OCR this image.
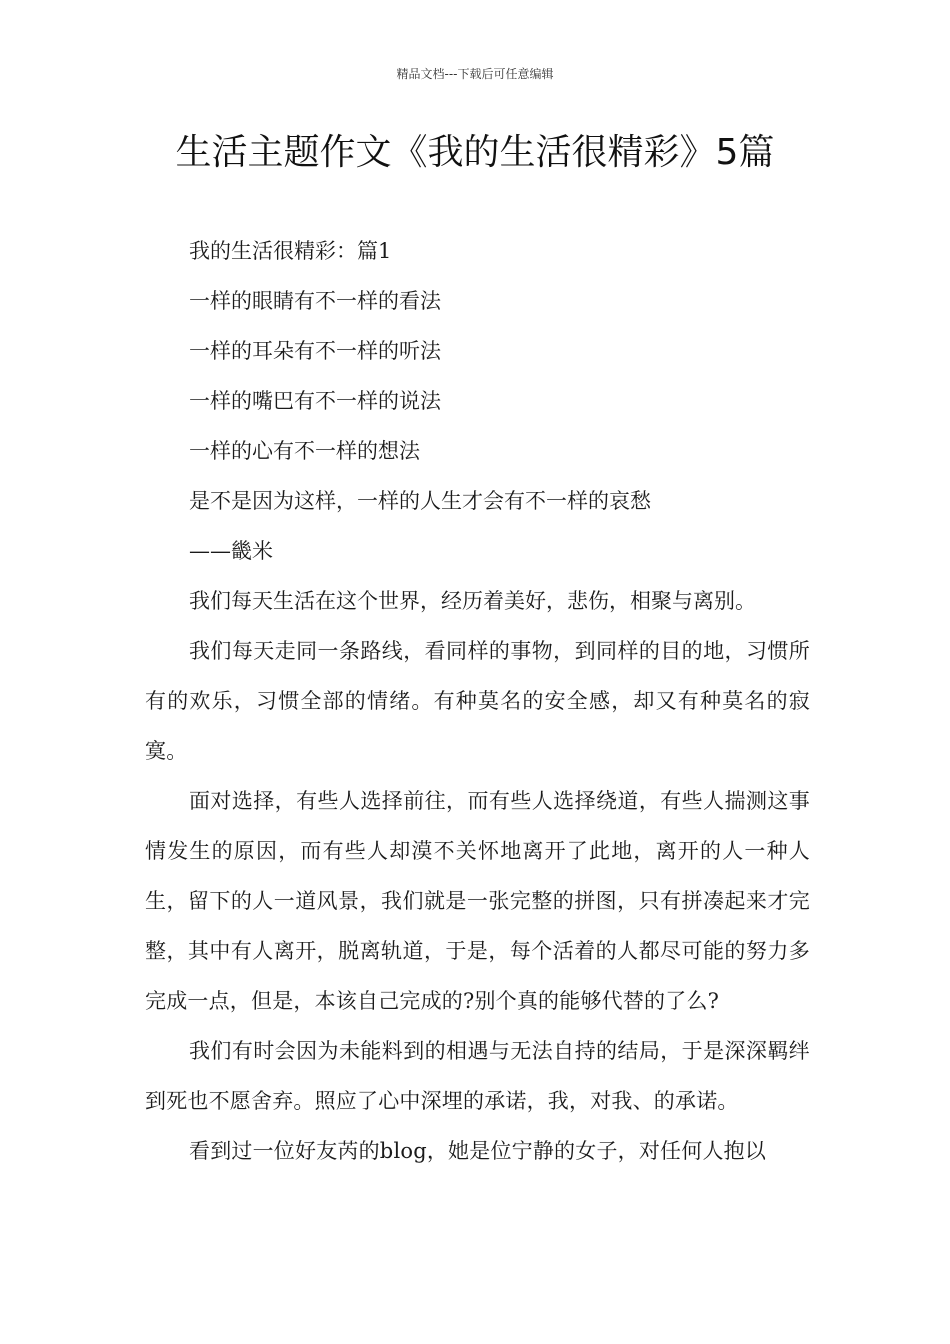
精品文档---下载后可任意编辑
生活主题作文《我的生活很精彩》5篇

我的生活很精彩：篇1

一样的眼睛有不一样的看法

一样的耳朵有不一样的听法

一样的嘴巴有不一样的说法

一样的心有不一样的想法

是不是因为这样，一样的人生才会有不一样的哀愁

——畿米

我们每天生活在这个世界，经历着美好，悲伤，相聚与离别。

我们每天走同一条路线，看同样的事物，到同样的目的地，习惯所有的欢乐，习惯全部的情绪。有种莫名的安全感，却又有种莫名的寂寞。

面对选择，有些人选择前往，而有些人选择绕道，有些人揣测这事情发生的原因，而有些人却漠不关怀地离开了此地，离开的人一种人生，留下的人一道风景，我们就是一张完整的拼图，只有拼凑起来才完整，其中有人离开，脱离轨道，于是，每个活着的人都尽可能的努力多完成一点，但是，本该自己完成的?别个真的能够代替的了么?

我们有时会因为未能料到的相遇与无法自持的结局，于是深深羁绊到死也不愿舍弃。照应了心中深埋的承诺，我，对我、的承诺。

看到过一位好友芮的blog，她是位宁静的女子，对任何人抱以
